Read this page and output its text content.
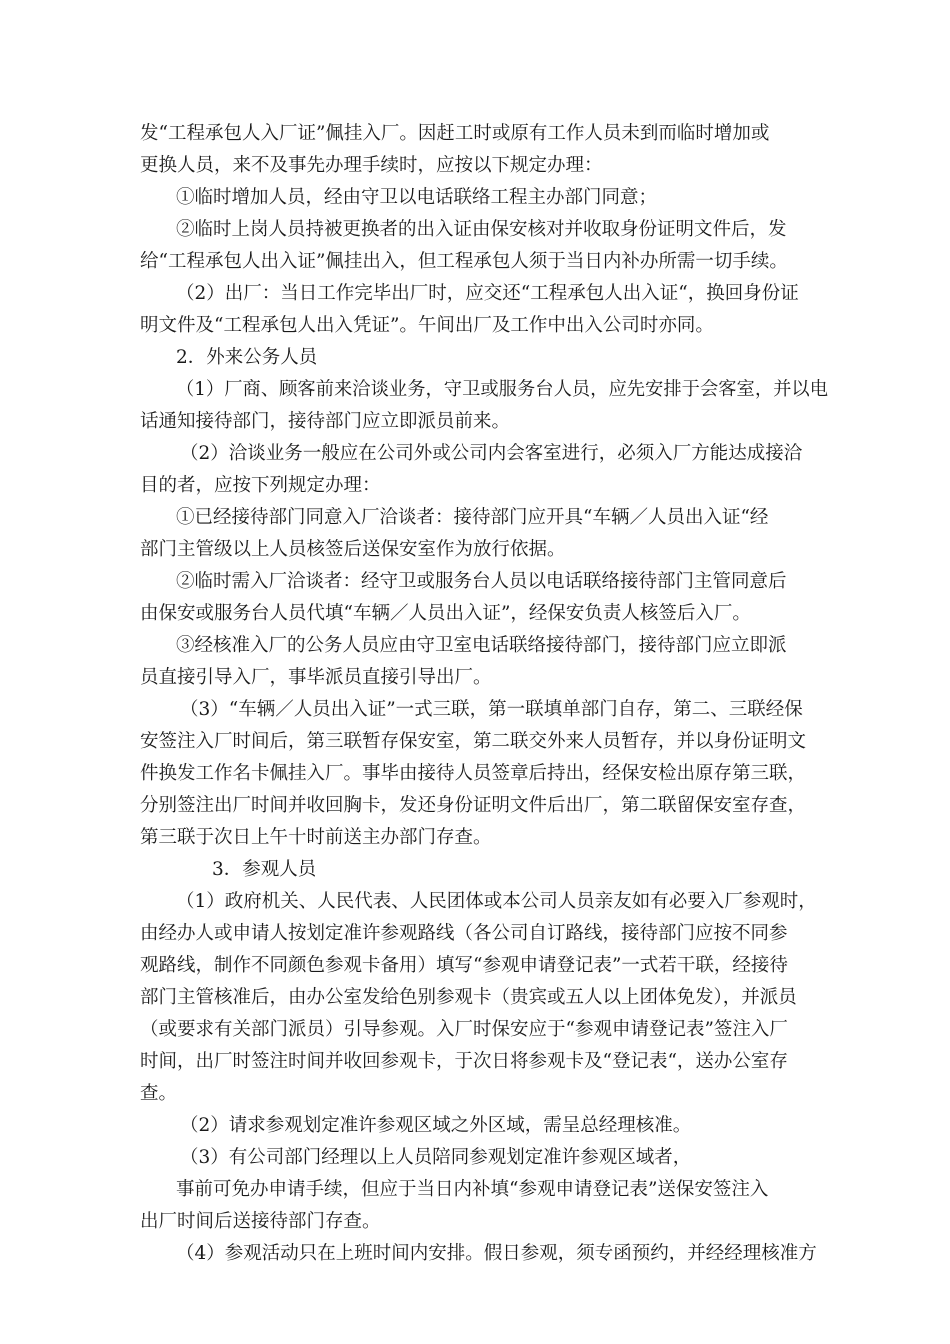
发“工程承包人入厂证”佩挂入厂。因赶工时或原有工作人员未到而临时增加或
更换人员，来不及事先办理手续时，应按以下规定办理：
①临时增加人员，经由守卫以电话联络工程主办部门同意；
②临时上岗人员持被更换者的出入证由保安核对并收取身份证明文件后，发
给“工程承包人出入证”佩挂出入，但工程承包人须于当日内补办所需一切手续。
（2）出厂：当日工作完毕出厂时，应交还“工程承包人出入证“，换回身份证
明文件及“工程承包人出入凭证”。午间出厂及工作中出入公司时亦同。
2．外来公务人员
（1）厂商、顾客前来洽谈业务，守卫或服务台人员，应先安排于会客室，并以电
话通知接待部门，接待部门应立即派员前来。
（2）洽谈业务一般应在公司外或公司内会客室进行，必须入厂方能达成接洽
目的者，应按下列规定办理：
①已经接待部门同意入厂洽谈者：接待部门应开具“车辆／人员出入证“经
部门主管级以上人员核签后送保安室作为放行依据。
②临时需入厂洽谈者：经守卫或服务台人员以电话联络接待部门主管同意后
由保安或服务台人员代填“车辆／人员出入证”，经保安负责人核签后入厂。
③经核准入厂的公务人员应由守卫室电话联络接待部门，接待部门应立即派
员直接引导入厂，事毕派员直接引导出厂。
（3）“车辆／人员出入证”一式三联，第一联填单部门自存，第二、三联经保
安签注入厂时间后，第三联暂存保安室，第二联交外来人员暂存，并以身份证明文
件换发工作名卡佩挂入厂。事毕由接待人员签章后持出，经保安检出原存第三联，
分别签注出厂时间并收回胸卡，发还身份证明文件后出厂，第二联留保安室存查，
第三联于次日上午十时前送主办部门存查。
3．参观人员
（1）政府机关、人民代表、人民团体或本公司人员亲友如有必要入厂参观时，
由经办人或申请人按划定准许参观路线（各公司自订路线，接待部门应按不同参
观路线，制作不同颜色参观卡备用）填写“参观申请登记表”一式若干联，经接待
部门主管核准后，由办公室发给色别参观卡（贵宾或五人以上团体免发），并派员
（或要求有关部门派员）引导参观。入厂时保安应于“参观申请登记表”签注入厂
时间，出厂时签注时间并收回参观卡，于次日将参观卡及“登记表“，送办公室存
查。
（2）请求参观划定准许参观区域之外区域，需呈总经理核准。
（3）有公司部门经理以上人员陪同参观划定准许参观区域者，
事前可免办申请手续，但应于当日内补填“参观申请登记表”送保安签注入
出厂时间后送接待部门存查。
（4）参观活动只在上班时间内安排。假日参观，须专函预约，并经经理核准方
